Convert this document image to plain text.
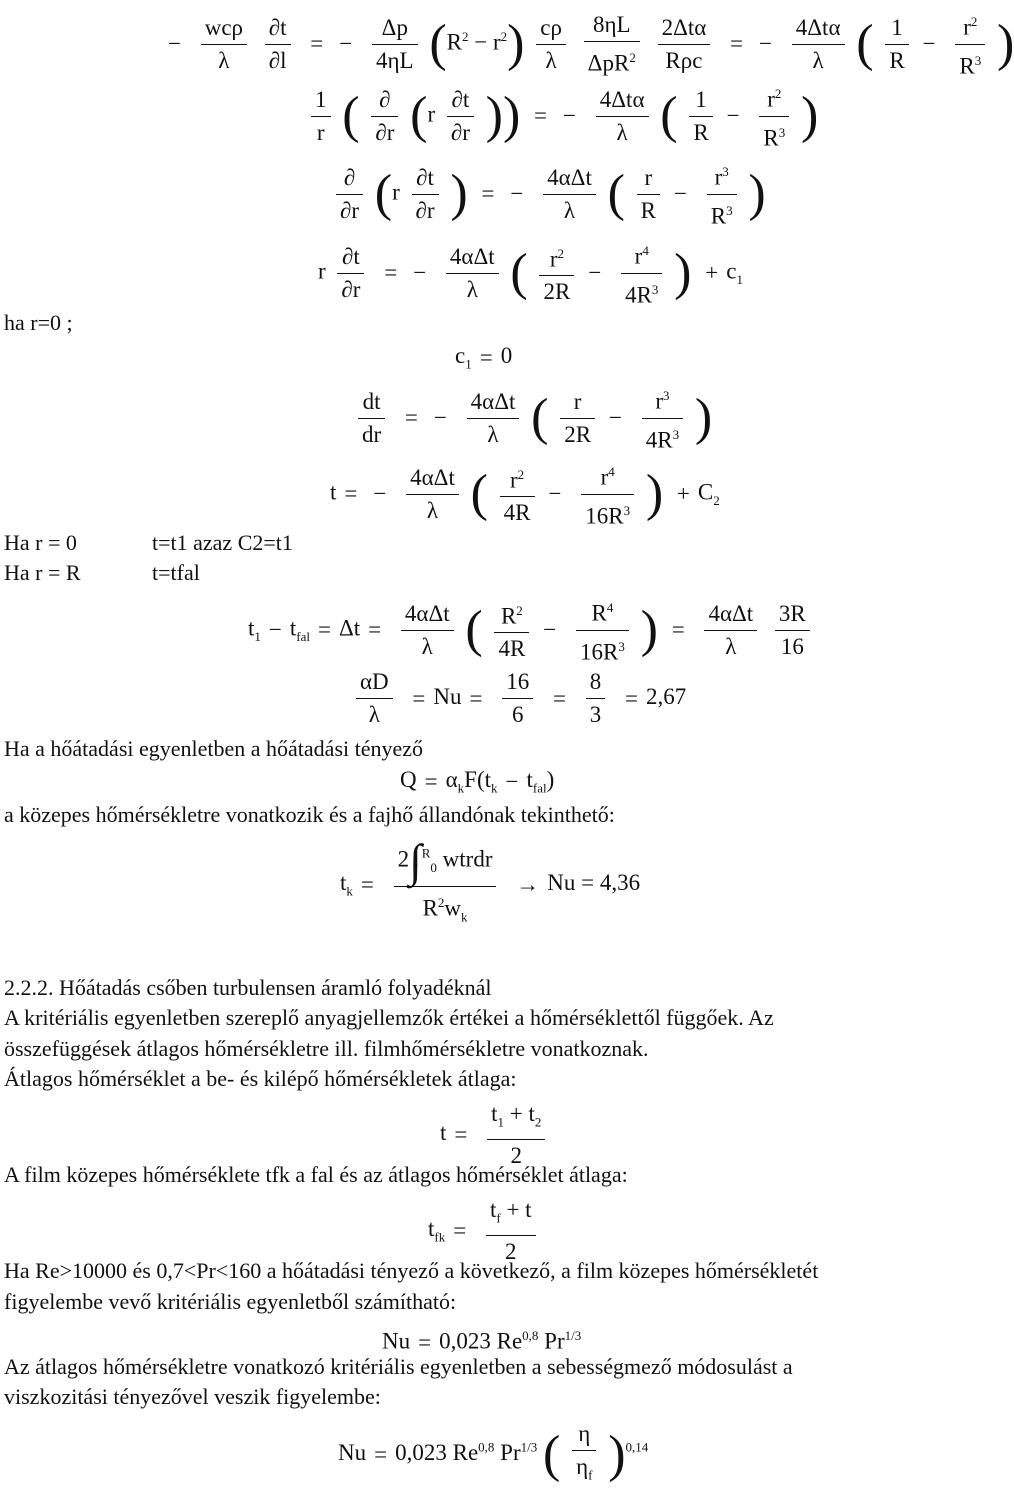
− $\frac{\text{wcρ}}{\lambda}$
$\frac{\partial t}{\partial l}$ = − $\frac{\Delta p}{4\eta L} (R^2 - r^2) \frac{c\rho}{\lambda}$
$\frac{8\eta L}{\Delta pR^2}$
$\frac{\text{2Δtα}}{\text{Rρc}}$ = − $\frac{\text{4Δtα}}{\lambda}$ ( $\frac{1}{R} - \frac{r^2}{R^3}$ )
$\frac{1}{r}$ ( $\frac{\partial}{\partial r} (r \frac{\partial t}{\partial r}$ )) = − $\frac{\text{4Δtα}}{\lambda}$ ( $\frac{1}{R} - \frac{r^2}{R^3}$ )
$\frac{\partial}{\partial r} (r \frac{\partial t}{\partial r}$ ) = − $\frac{\text{4αΔt}}{\lambda}$ ( $\frac{r}{R} - \frac{r^3}{R^3}$ )
r $\frac{\partial t}{\partial r}$ = − $\frac{\text{4αΔt}}{\lambda}$ ( $\frac{r^2}{2R} - \frac{r^4}{4R^3}$ ) + $c_1$
ha r=0 ;
$c_1 = 0$
$\frac{dt}{dr}$ = − $\frac{\text{4αΔt}}{\lambda}$ ( $\frac{r}{2R} - \frac{r^3}{4R^3}$ )
t = − $\frac{\text{4αΔt}}{\lambda}$ ( $\frac{r^2}{4R} - \frac{r^4}{16R^3}$ ) + $C_2$
Ha r = 0	t=t1 azaz C2=t1
Ha r = R	t=tfal
$t_1 - t_{fal} = \Delta t = \frac{\text{4αΔt}}{\lambda}$ ( $\frac{R^2}{4R} - \frac{R^4}{16R^3}$ ) = $\frac{\text{4αΔt}}{\lambda}$
$\frac{3R}{16}$
$\frac{\alpha D}{\lambda} = Nu = \frac{16}{6} = \frac{8}{3} = 2,67$
Ha a hőátadási egyenletben a hőátadási tényező
$Q = \alpha_kF(t_k - t_{fal})$
a közepes hőmérsékletre vonatkozik és a fajhő állandónak tekinthető:
$t_k = \frac{2\int^R_0 wtrdr}{R^2w_k} \to Nu = 4,36$
2.2.2. Hőátadás csőben turbulensen áramló folyadéknál
A kritériális egyenletben szereplő anyagjellemzők értékei a hőmérséklettől függőek. Az
összefüggések átlagos hőmérsékletre ill. filmhőmérsékletre vonatkoznak.
Átlagos hőmérséklet a be- és kilépő hőmérsékletek átlaga:
$t = \frac{t_1 + t_2}{2}$
A film közepes hőmérséklete tfk a fal és az átlagos hőmérséklet átlaga:
$t_{fk} = \frac{t_f + t}{2}$
Ha Re>10000 és 0,7<Pr<160 a hőátadási tényező a következő, a film közepes hőmérsékletét
figyelembe vevő kritériális egyenletből számítható:
Nu = 0,023 Re$^{0,8}$ $Pr^{1/3}$
Az átlagos hőmérsékletre vonatkozó kritériális egyenletben a sebességmező módosulást a
viszkozitási tényezővel veszik figyelembe:
Nu = 0,023 Re$^{0,8}$ $Pr^{1/3}$ ( $\frac{\eta}{\eta_f} )^{0,14}$
